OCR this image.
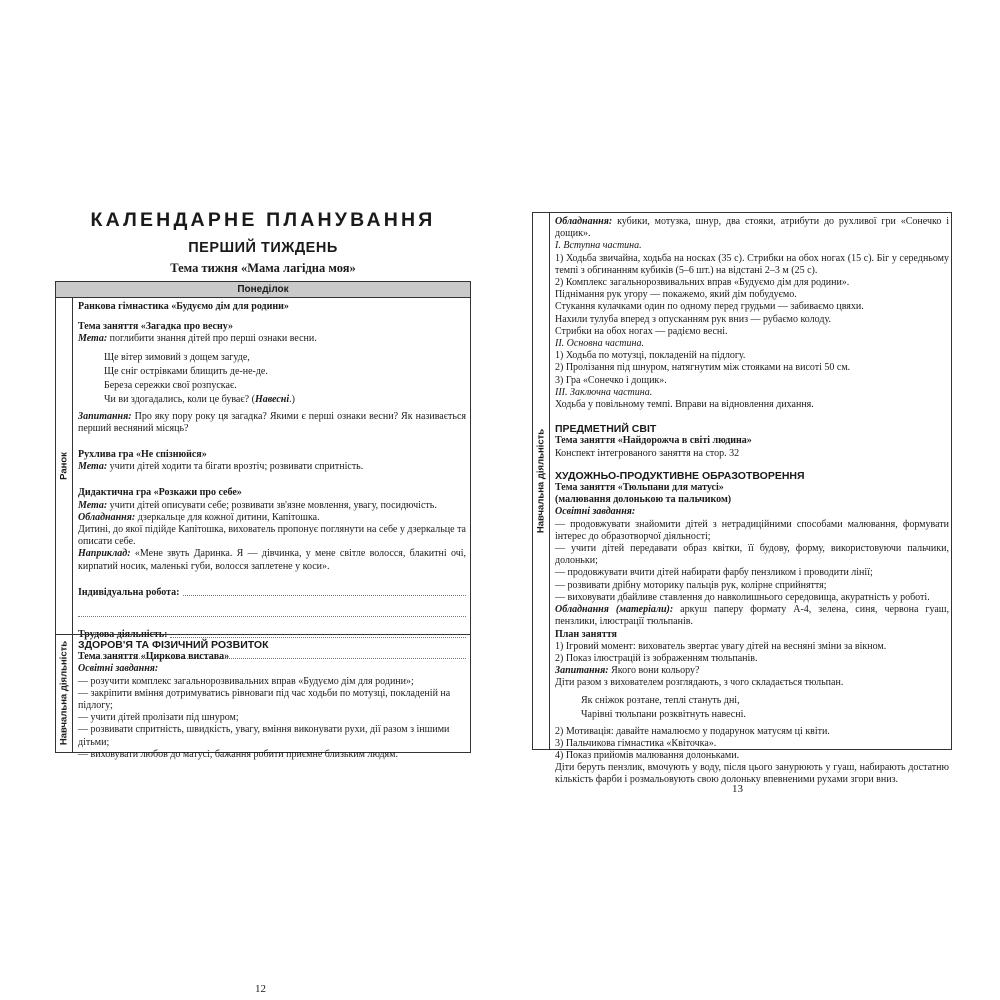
КАЛЕНДАРНЕ ПЛАНУВАННЯ
ПЕРШИЙ ТИЖДЕНЬ
Тема тижня «Мама лагідна моя»
Понеділок
Ранок
Навчальна діяльність

Ранкова гімнастика «Будуємо дім для родини»

Тема заняття «Загадка про весну»

Мета: поглибити знання дітей про перші ознаки весни.

Ще вітер зимовий з дощем загуде,

Ще сніг острівками блищить де-не-де.

Береза сережки свої розпускає.

Чи ви здогадались, коли це буває? (Навесні.)

Запитання: Про яку пору року ця загадка? Якими є перші ознаки весни? Як називається перший весняний місяць?

Рухлива гра «Не спізнюйся»

Мета: учити дітей ходити та бігати врозтіч; розвивати спритність.

Дидактична гра «Розкажи про себе»

Мета: учити дітей описувати себе; розвивати зв'язне мовлення, увагу, посидючість.

Обладнання: дзеркальце для кожної дитини, Капітошка.

Дитині, до якої підійде Капітошка, вихователь пропонує поглянути на себе у дзеркальце та описати себе.

Наприклад: «Мене звуть Даринка. Я — дівчинка, у мене світле волосся, блакитні очі, кирпатий носик, маленькі губи, волосся заплетене у коси».

Індивідуальна робота:
Трудова діяльність:

ЗДОРОВ'Я ТА ФІЗИЧНИЙ РОЗВИТОК

Тема заняття «Циркова вистава»

Освітні завдання:

— розучити комплекс загальнорозвивальних вправ «Будуємо дім для родини»;

— закріпити вміння дотримуватись рівноваги під час ходьби по мотузці, покладеній на підлогу;

— учити дітей пролізати під шнуром;

— розвивати спритність, швидкість, увагу, вміння виконувати рухи, дії разом з іншими дітьми;

— виховувати любов до матусі, бажання робити приємне близьким людям.

12
Навчальна діяльність

Обладнання: кубики, мотузка, шнур, два стояки, атрибути до рухливої гри «Сонечко і дощик».

І. Вступна частина.

1) Ходьба звичайна, ходьба на носках (35 с). Стрибки на обох ногах (15 с). Біг у середньому темпі з обгинанням кубиків (5–6 шт.) на відстані 2–3 м (25 с).

2) Комплекс загальнорозвивальних вправ «Будуємо дім для родини».

Піднімання рук угору — покажемо, який дім побудуємо.

Стукання кулачками один по одному перед грудьми — забиваємо цвяхи.

Нахили тулуба вперед з опусканням рук вниз — рубаємо колоду.

Стрибки на обох ногах — радіємо весні.

ІІ. Основна частина.

1) Ходьба по мотузці, покладеній на підлогу.

2) Пролізання під шнуром, натягнутим між стояками на висоті 50 см.

3) Гра «Сонечко і дощик».

ІІІ. Заключна частина.

Ходьба у повільному темпі. Вправи на відновлення дихання.

ПРЕДМЕТНИЙ СВІТ

Тема заняття «Найдорожча в світі людина»

Конспект інтегрованого заняття на стор. 32

ХУДОЖНЬО-ПРОДУКТИВНЕ ОБРАЗОТВОРЕННЯ

Тема заняття «Тюльпани для матусі»

(малювання долонькою та пальчиком)

Освітні завдання:

— продовжувати знайомити дітей з нетрадиційними способами малювання, формувати інтерес до образотворчої діяльності;

— учити дітей передавати образ квітки, її будову, форму, використовуючи пальчики, долоньки;

— продовжувати вчити дітей набирати фарбу пензликом і проводити лінії;

— розвивати дрібну моторику пальців рук, колірне сприйняття;

— виховувати дбайливе ставлення до навколишнього середовища, акуратність у роботі.

Обладнання (матеріали): аркуш паперу формату А-4, зелена, синя, червона гуаш, пензлики, ілюстрації тюльпанів.

План заняття

1) Ігровий момент: вихователь звертає увагу дітей на весняні зміни за вікном.

2) Показ ілюстрацій із зображенням тюльпанів.

Запитання: Якого вони кольору?

Діти разом з вихователем розглядають, з чого складається тюльпан.

Як сніжок розтане, теплі стануть дні,

Чарівні тюльпани розквітнуть навесні.

2) Мотивація: давайте намалюємо у подарунок матусям ці квіти.

3) Пальчикова гімнастика «Квіточка».

4) Показ прийомів малювання долоньками.

Діти беруть пензлик, вмочують у воду, після цього занурюють у гуаш, набирають достатню кількість фарби і розмальовують свою долоньку впевненими рухами згори вниз.

13
